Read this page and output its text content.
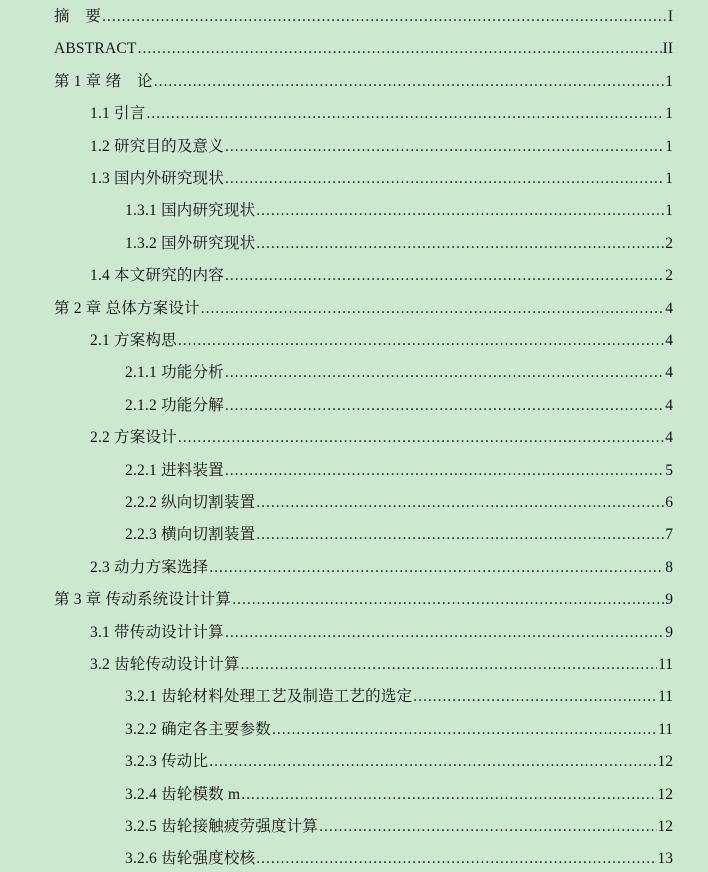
摘　要 .....	I
ABSTRACT .....	II
第 1 章 绪　论 .....	1
1.1 引言 .....	1
1.2 研究目的及意义 .....	1
1.3 国内外研究现状 .....	1
1.3.1 国内研究现状 .....	1
1.3.2 国外研究现状 .....	2
1.4 本文研究的内容 .....	2
第 2 章 总体方案设计 .....	4
2.1 方案构思 .....	4
2.1.1 功能分析 .....	4
2.1.2 功能分解 .....	4
2.2 方案设计 .....	4
2.2.1 进料装置 .....	5
2.2.2 纵向切割装置 .....	6
2.2.3 横向切割装置 .....	7
2.3 动力方案选择 .....	8
第 3 章 传动系统设计计算 .....	9
3.1 带传动设计计算 .....	9
3.2 齿轮传动设计计算 .....	11
3.2.1 齿轮材料处理工艺及制造工艺的选定 .....	11
3.2.2 确定各主要参数 .....	11
3.2.3 传动比 .....	12
3.2.4 齿轮模数 m .....	12
3.2.5 齿轮接触疲劳强度计算 .....	12
3.2.6 齿轮强度校核 .....	13
